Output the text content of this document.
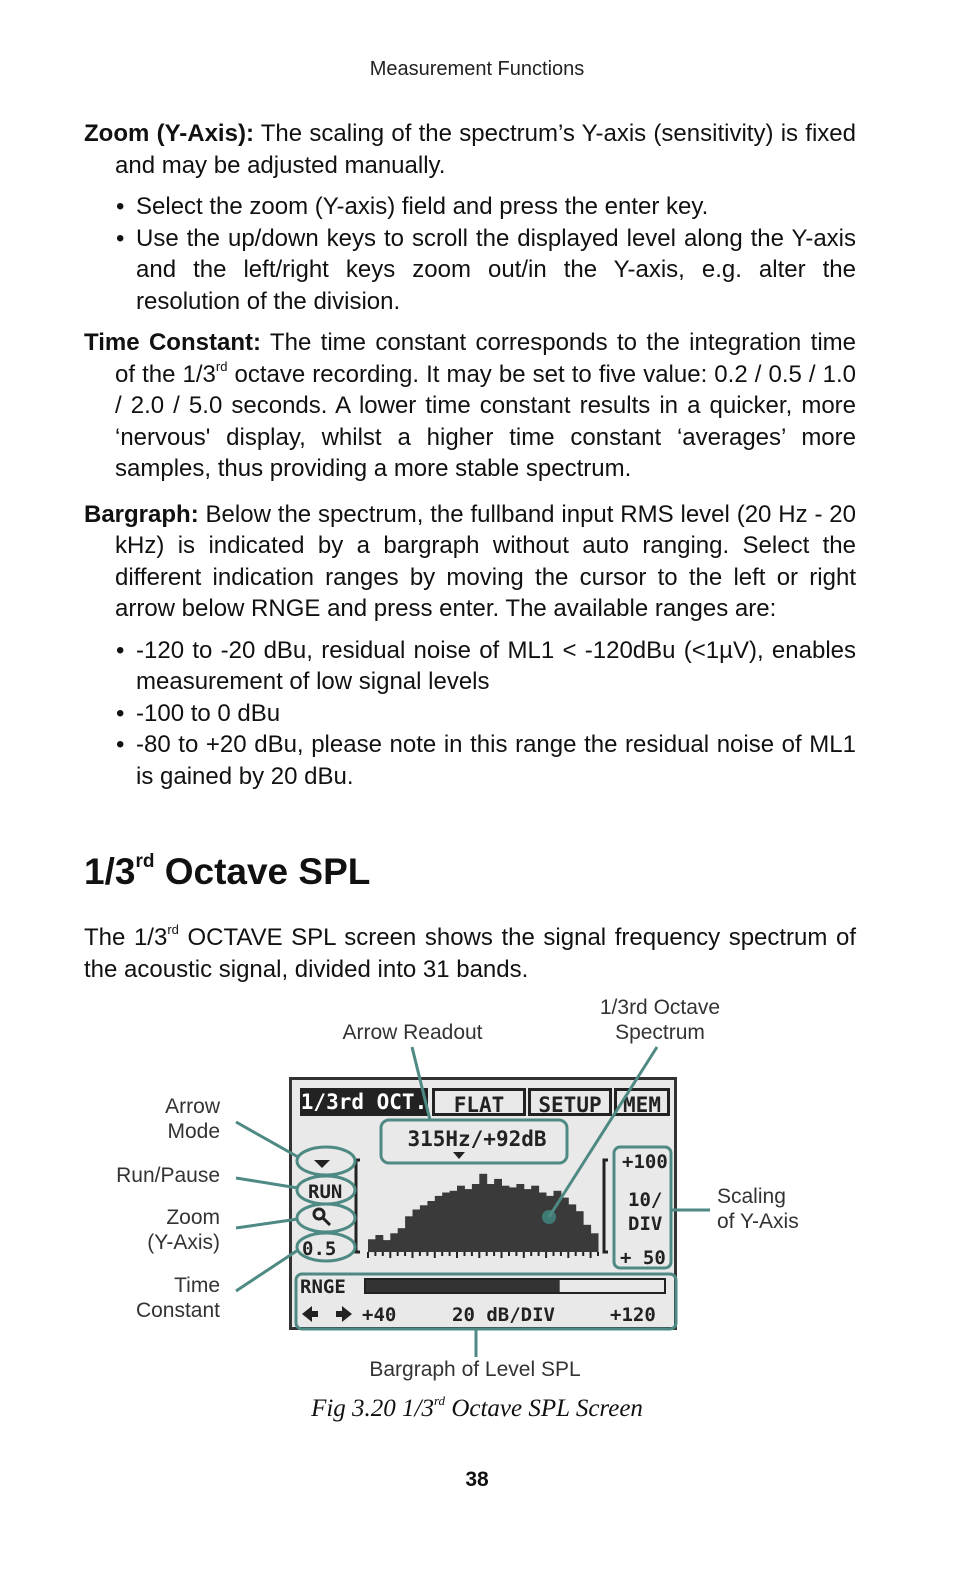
Measurement Functions

Zoom (Y-Axis): The scaling of the spectrum’s Y-axis (sensitivity) is fixed and may be adjusted manually.

• Select the zoom (Y-axis) field and press the enter key.
• Use the up/down keys to scroll the displayed level along the Y-axis and the left/right keys zoom out/in the Y-axis, e.g. alter the resolution of the division.

Time Constant: The time constant corresponds to the integration time of the 1/3rd octave recording. It may be set to five value: 0.2 / 0.5 / 1.0 / 2.0 / 5.0 seconds. A lower time constant results in a quicker, more ‘nervous' display, whilst a higher time constant ‘averages’ more samples, thus providing a more stable spectrum.

Bargraph: Below the spectrum, the fullband input RMS level (20 Hz - 20 kHz) is indicated by a bargraph without auto ranging. Select the different indication ranges by moving the cursor to the left or right arrow below RNGE and press enter. The available ranges are:

• -120 to -20 dBu, residual noise of ML1 < -120dBu (<1µV), enables measurement of low signal levels
• -100 to 0 dBu
• -80 to +20 dBu, please note in this range the residual noise of ML1 is gained by 20 dBu.
1/3rd Octave SPL

The 1/3rd OCTAVE SPL screen shows the signal frequency spectrum of the acoustic signal, divided into 31 bands.

Arrow Readout
1/3rd Octave
Spectrum
Arrow
Mode
Run/Pause
Zoom
(Y-Axis)
Time
Constant
Scaling
of Y-Axis
Bargraph of Level SPL
1/3rd OCT.	FLAT	SETUP	MEM
315Hz/+92dB
RUN
0.5
+100
10/
DIV
+ 50
RNGE
+40	20 dB/DIV	+120
Fig 3.20 1/3rd Octave SPL Screen
38
